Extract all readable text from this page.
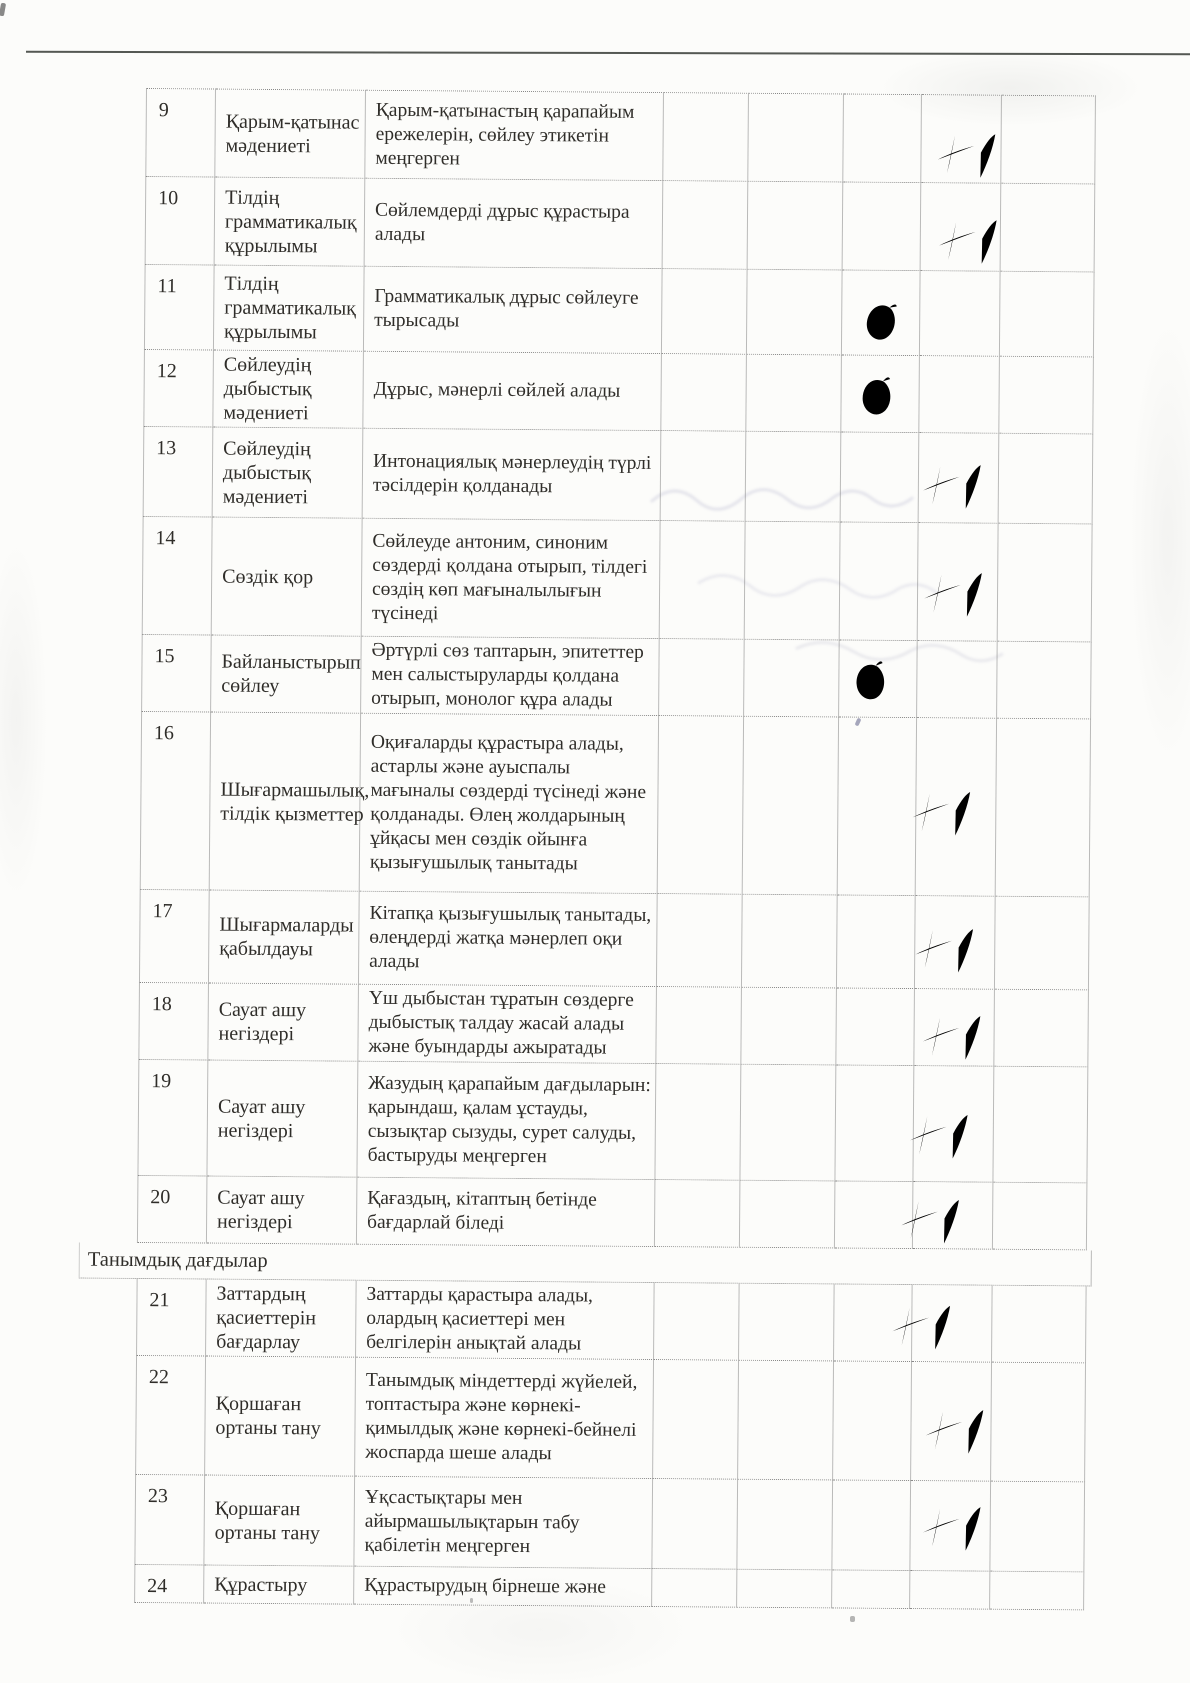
9	Қарым-қатынас мәдениеті
Қарым-қатынастың қарапайым ережелерін, сөйлеу этикетін меңгерген
10 Тілдің грамматикалық құрылымы
Сөйлемдерді дұрыс құрастыра алады
11 Тілдің грамматикалық құрылымы
Грамматикалық дұрыс сөйлеуге тырысады
12 Сөйлеудің дыбыстық мәдениеті
Дұрыс, мәнерлі сөйлей алады
13 Сөйлеудің дыбыстық мәдениеті
Интонациялық мәнерлеудің түрлі тәсілдерін қолданады
14
Сөздік қор
Сөйлеуде антоним, синоним сөздерді қолдана отырып, тілдегі сөздің көп мағыналылығын түсінеді
15 Байланыстырып сөйлеу
Әртүрлі сөз таптарын, эпитеттер мен салыстыруларды қолдана отырып, монолог құра алады
16
Шығармашылық, тілдік қызметтер
Оқиғаларды құрастыра алады, астарлы және ауыспалы мағыналы сөздерді түсінеді және қолданады. Өлең жолдарының ұйқасы мен сөздік ойынға қызығушылық танытады
17
Шығармаларды қабылдауы
Кітапқа қызығушылық танытады, өлеңдерді жатқа мәнерлеп оқи алады
18 Сауат ашу негіздері
Үш дыбыстан тұратын сөздерге дыбыстық талдау жасай алады және буындарды ажыратады
19
Сауат ашу негіздері
Жазудың қарапайым дағдыларын: қарындаш, қалам ұстауды, сызықтар сызуды, сурет салуды, бастыруды меңгерген
20 Сауат ашу негіздері
Қағаздың, кітаптың бетінде бағдарлай біледі
Танымдық дағдылар
21 Заттардың қасиеттерін бағдарлау
Заттарды қарастыра алады, олардың қасиеттері мен белгілерін анықтай алады
22
Қоршаған ортаны тану
Танымдық міндеттерді жүйелей, топтастыра және көрнекі-қимылдық және көрнекі-бейнелі жоспарда шеше алады
23
Қоршаған ортаны тану
Ұқсастықтары мен айырмашылықтарын табу қабілетін меңгерген
24 Құрастыру	Құрастырудың бірнеше және
